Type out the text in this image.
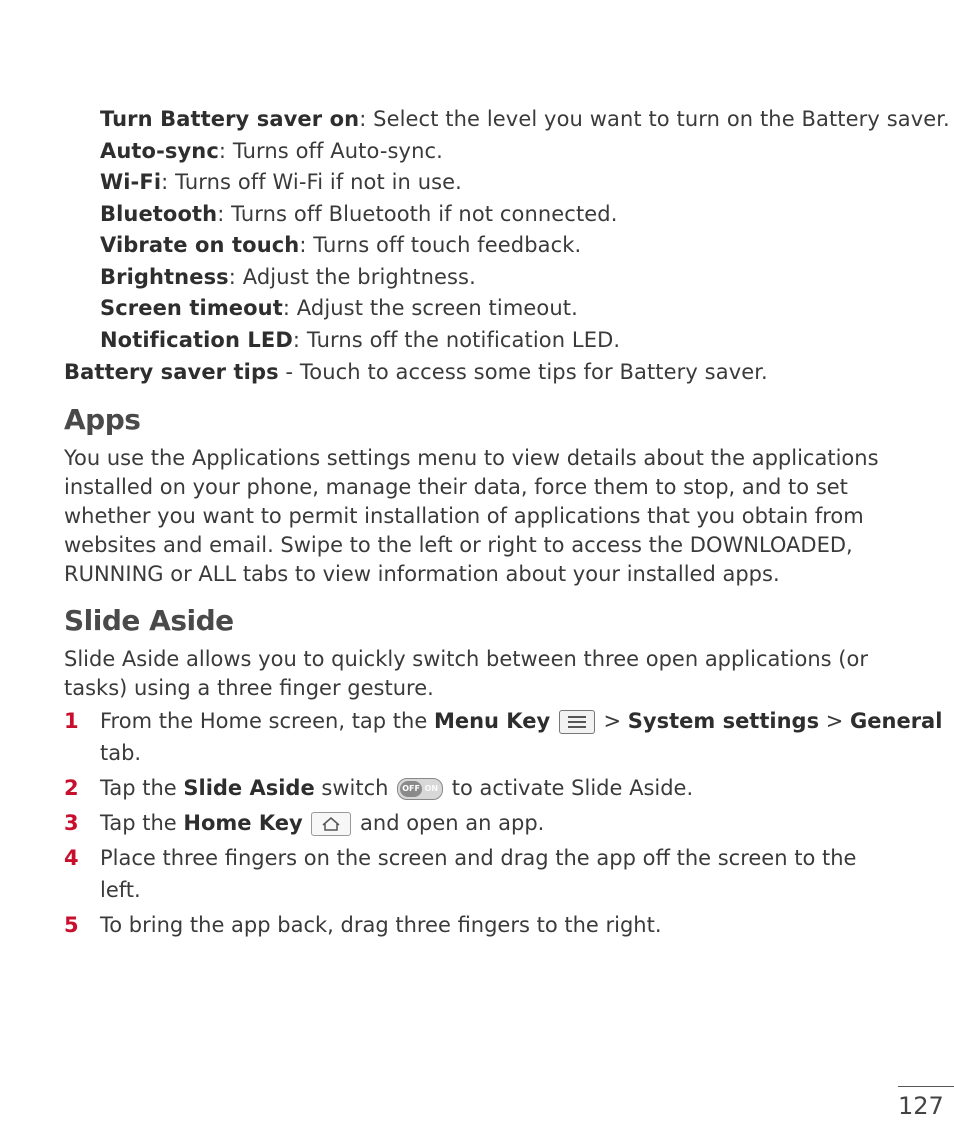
Turn Battery saver on: Select the level you want to turn on the Battery saver.
Auto-sync: Turns off Auto-sync.
Wi-Fi: Turns off Wi-Fi if not in use.
Bluetooth: Turns off Bluetooth if not connected.
Vibrate on touch: Turns off touch feedback.
Brightness: Adjust the brightness.
Screen timeout: Adjust the screen timeout.
Notification LED: Turns off the notification LED.
Battery saver tips - Touch to access some tips for Battery saver.
Apps
You use the Applications settings menu to view details about the applications
installed on your phone, manage their data, force them to stop, and to set
whether you want to permit installation of applications that you obtain from
websites and email. Swipe to the left or right to access the DOWNLOADED,
RUNNING or ALL tabs to view information about your installed apps.
Slide Aside
Slide Aside allows you to quickly switch between three open applications (or
tasks) using a three finger gesture.
1 From the Home screen, tap the Menu Key
> System settings > General
tab.
2 Tap the Slide Aside switch OFF ON to activate Slide Aside.
3 Tap the Home Key
and open an app.
4 Place three fingers on the screen and drag the app off the screen to the
left.
5 To bring the app back, drag three fingers to the right.
127
